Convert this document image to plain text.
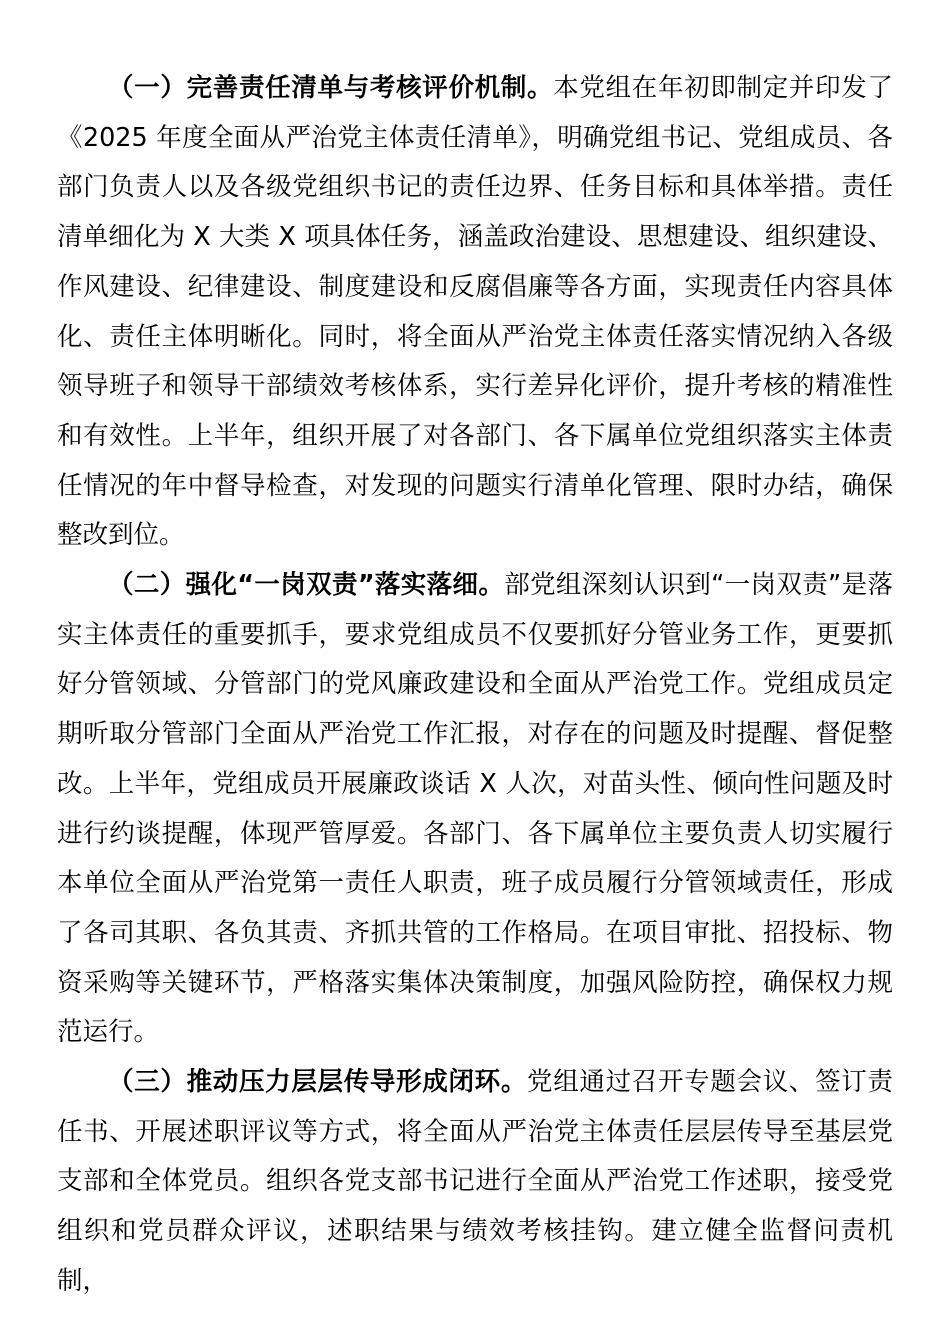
（一）完善责任清单与考核评价机制。本党组在年初即制定并印发了《2025 年度全面从严治党主体责任清单》，明确党组书记、党组成员、各部门负责人以及各级党组织书记的责任边界、任务目标和具体举措。责任清单细化为 X 大类 X 项具体任务，涵盖政治建设、思想建设、组织建设、作风建设、纪律建设、制度建设和反腐倡廉等各方面，实现责任内容具体化、责任主体明晰化。同时，将全面从严治党主体责任落实情况纳入各级领导班子和领导干部绩效考核体系，实行差异化评价，提升考核的精准性和有效性。上半年，组织开展了对各部门、各下属单位党组织落实主体责任情况的年中督导检查，对发现的问题实行清单化管理、限时办结，确保整改到位。

（二）强化“一岗双责”落实落细。部党组深刻认识到“一岗双责”是落实主体责任的重要抓手，要求党组成员不仅要抓好分管业务工作，更要抓好分管领域、分管部门的党风廉政建设和全面从严治党工作。党组成员定期听取分管部门全面从严治党工作汇报，对存在的问题及时提醒、督促整改。上半年，党组成员开展廉政谈话 X 人次，对苗头性、倾向性问题及时进行约谈提醒，体现严管厚爱。各部门、各下属单位主要负责人切实履行本单位全面从严治党第一责任人职责，班子成员履行分管领域责任，形成了各司其职、各负其责、齐抓共管的工作格局。在项目审批、招投标、物资采购等关键环节，严格落实集体决策制度，加强风险防控，确保权力规范运行。

（三）推动压力层层传导形成闭环。党组通过召开专题会议、签订责任书、开展述职评议等方式，将全面从严治党主体责任层层传导至基层党支部和全体党员。组织各党支部书记进行全面从严治党工作述职，接受党组织和党员群众评议，述职结果与绩效考核挂钩。建立健全监督问责机制，
